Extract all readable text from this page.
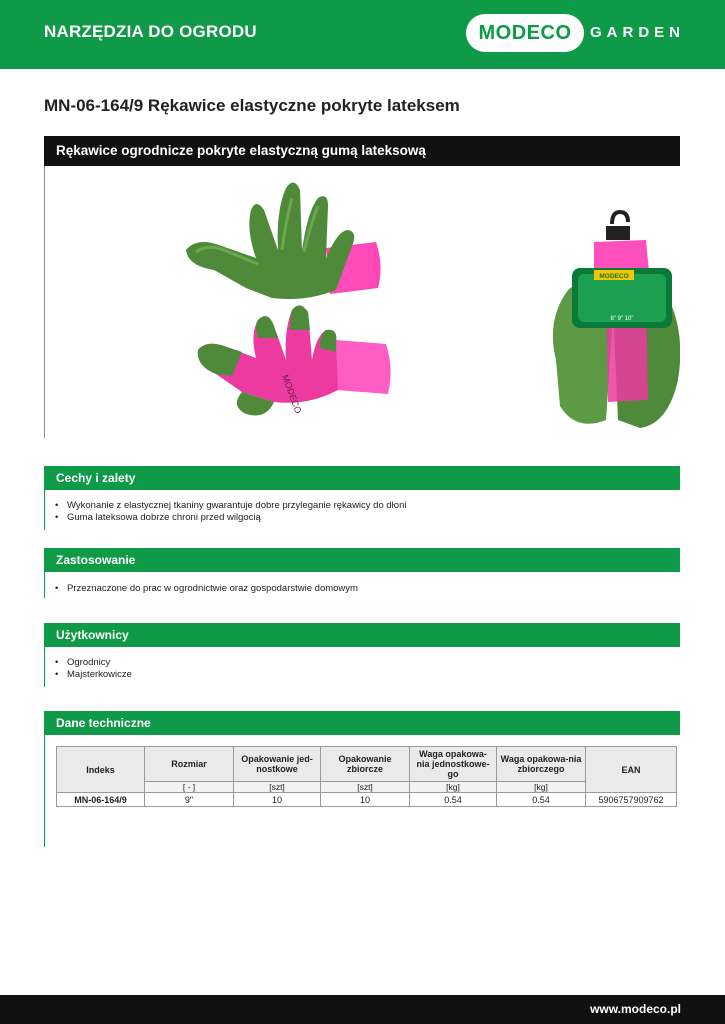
NARZĘDZIA DO OGRODU	MODECO	GARDEN
MN-06-164/9 Rękawice elastyczne pokryte lateksem
Rękawice ogrodnicze pokryte elastyczną gumą lateksową
MODECO
MODECO
8" 9" 10"
Cechy i zalety
• Wykonanie z elastycznej tkaniny gwarantuje dobre przyleganie rękawicy do dłoni
• Guma lateksowa dobrze chroni przed wilgocią
Zastosowanie
• Przeznaczone do prac w ogrodnictwie oraz gospodarstwie domowym
Użytkownicy
• Ogrodnicy
• Majsterkowicze
Dane techniczne
Indeks	Rozmiar	Opakowanie jed-nostkowe	Opakowanie zbiorcze	Waga opakowa-nia jednostkowe-go	Waga opakowa-nia zbiorczego	EAN
	[ - ]	[szt]	[szt]	[kg]	[kg]	
MN-06-164/9	9"	10	10	0.54	0.54	5906757909762
www.modeco.pl
